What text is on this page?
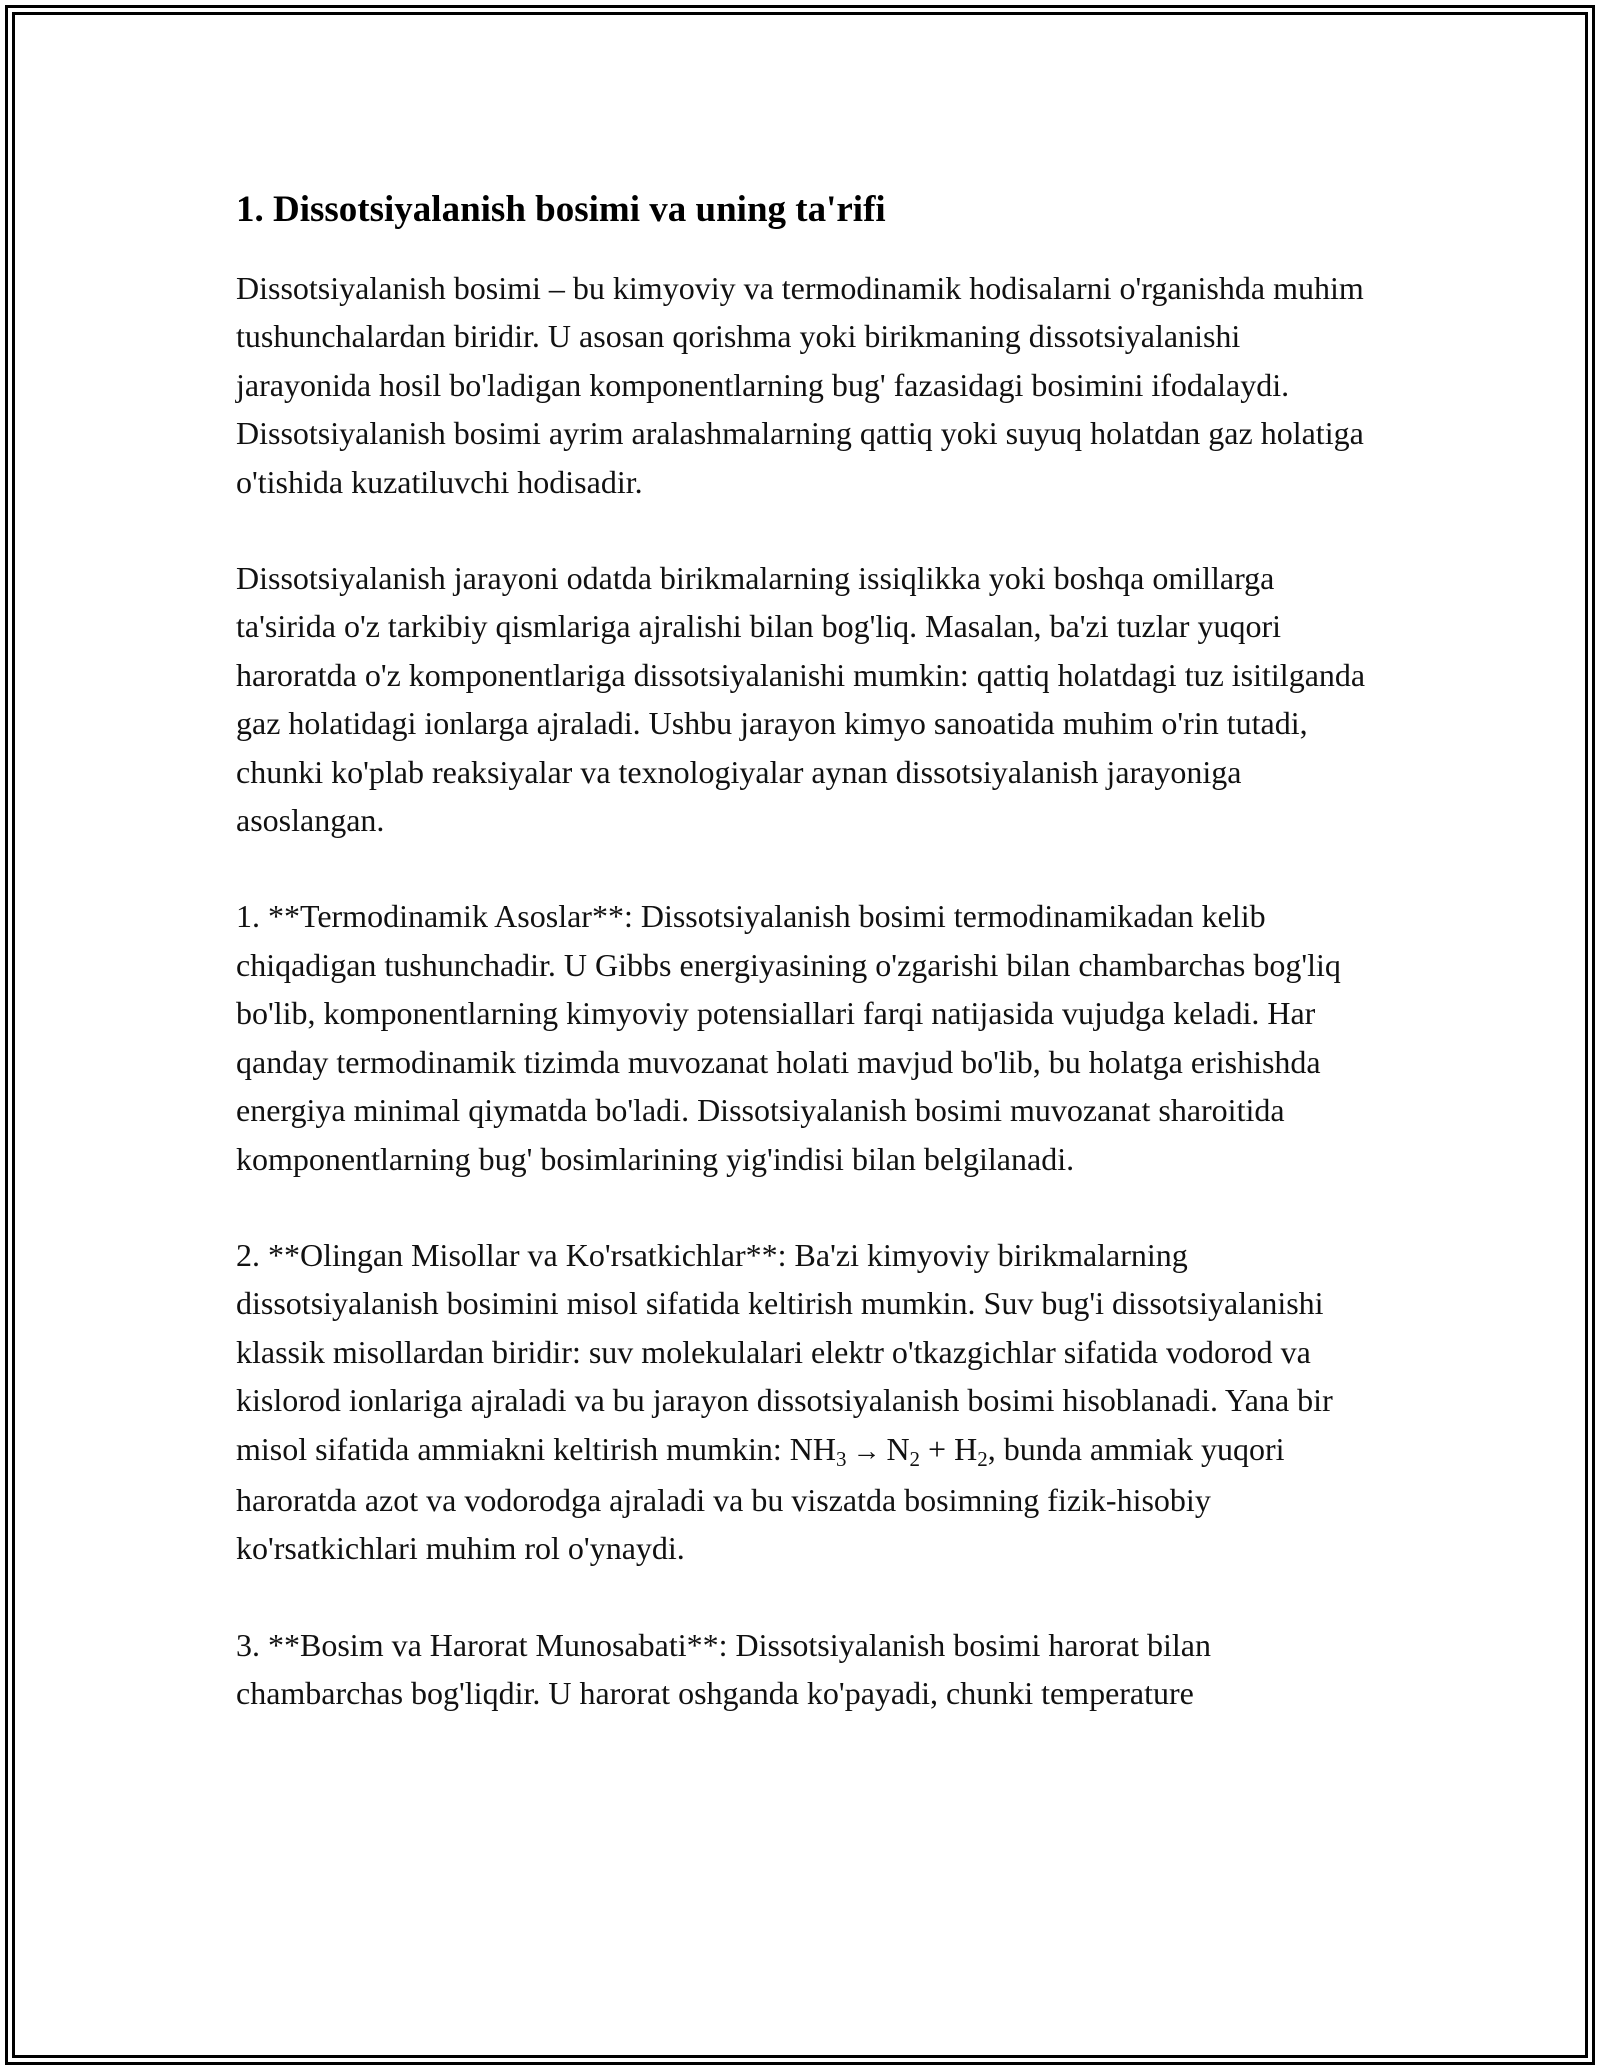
1. Dissotsiyalanish bosimi va uning ta'rifi

Dissotsiyalanish bosimi – bu kimyoviy va termodinamik hodisalarni o'rganishda muhim tushunchalardan biridir. U asosan qorishma yoki birikmaning dissotsiyalanishi jarayonida hosil bo'ladigan komponentlarning bug' fazasidagi bosimini ifodalaydi. Dissotsiyalanish bosimi ayrim aralashmalarning qattiq yoki suyuq holatdan gaz holatiga o'tishida kuzatiluvchi hodisadir.

Dissotsiyalanish jarayoni odatda birikmalarning issiqlikka yoki boshqa omillarga ta'sirida o'z tarkibiy qismlariga ajralishi bilan bog'liq. Masalan, ba'zi tuzlar yuqori haroratda o'z komponentlariga dissotsiyalanishi mumkin: qattiq holatdagi tuz isitilganda gaz holatidagi ionlarga ajraladi. Ushbu jarayon kimyo sanoatida muhim o'rin tutadi, chunki ko'plab reaksiyalar va texnologiyalar aynan dissotsiyalanish jarayoniga asoslangan.

1. **Termodinamik Asoslar**: Dissotsiyalanish bosimi termodinamikadan kelib chiqadigan tushunchadir. U Gibbs energiyasining o'zgarishi bilan chambarchas bog'liq bo'lib, komponentlarning kimyoviy potensiallari farqi natijasida vujudga keladi. Har qanday termodinamik tizimda muvozanat holati mavjud bo'lib, bu holatga erishishda energiya minimal qiymatda bo'ladi. Dissotsiyalanish bosimi muvozanat sharoitida komponentlarning bug' bosimlarining yig'indisi bilan belgilanadi.

2. **Olingan Misollar va Ko'rsatkichlar**: Ba'zi kimyoviy birikmalarning dissotsiyalanish bosimini misol sifatida keltirish mumkin. Suv bug'i dissotsiyalanishi klassik misollardan biridir: suv molekulalari elektr o'tkazgichlar sifatida vodorod va kislorod ionlariga ajraladi va bu jarayon dissotsiyalanish bosimi hisoblanadi. Yana bir misol sifatida ammiakni keltirish mumkin: $NH_3 \to N_2 + H_2$, bunda ammiak yuqori haroratda azot va vodorodga ajraladi va bu viszatda bosimning fizik-hisobiy ko'rsatkichlari muhim rol o'ynaydi.

3. **Bosim va Harorat Munosabati**: Dissotsiyalanish bosimi harorat bilan chambarchas bog'liqdir. U harorat oshganda ko'payadi, chunki temperature
